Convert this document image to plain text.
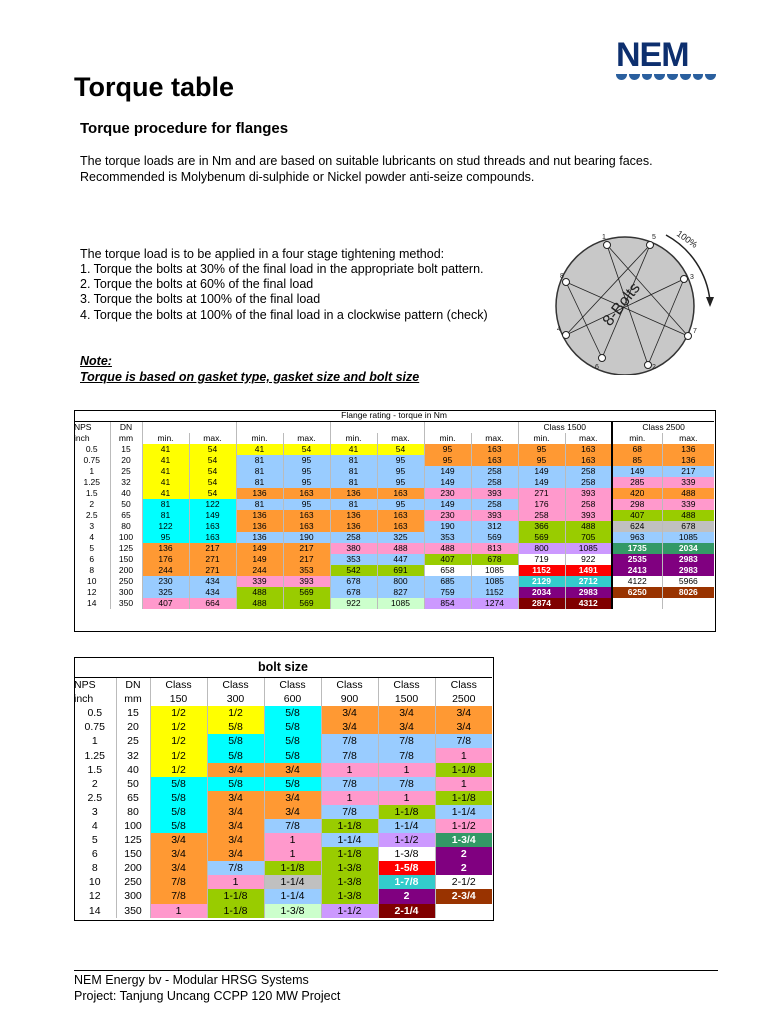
NEM
Torque table
Torque procedure for flanges
The torque loads are in Nm and are based on suitable lubricants on stud threads and nut bearing faces.
Recommended is Molybenum di-sulphide or Nickel powder anti-seize compounds.
The torque load is to be applied in a four stage tightening method:
1. Torque the bolts at 30% of the final load in the appropriate bolt pattern.
2. Torque the bolts at 60% of the final load
3. Torque the bolts at 100% of the final load
4. Torque the bolts at 100% of the final load in a clockwise pattern (check)
1	5
3
7
2
6
4
8
8-Bolts
100%
Note:
Torque is based on gasket type, gasket size and bolt size
Flange rating - torque in Nm													
NPS	DN									Class 1500		Class 2500	
inch	mm	min.	max.	min.	max.	min.	max.	min.	max.	min.	max.	min.	max.
0.5	15	41	54	41	54	41	54	95	163	95	163	68	136
0.75	20	41	54	81	95	81	95	95	163	95	163	85	136
1	25	41	54	81	95	81	95	149	258	149	258	149	217
1.25	32	41	54	81	95	81	95	149	258	149	258	285	339
1.5	40	41	54	136	163	136	163	230	393	271	393	420	488
2	50	81	122	81	95	81	95	149	258	176	258	298	339
2.5	65	81	149	136	163	136	163	230	393	258	393	407	488
3	80	122	163	136	163	136	163	190	312	366	488	624	678
4	100	95	163	136	190	258	325	353	569	569	705	963	1085
5	125	136	217	149	217	380	488	488	813	800	1085	1735	2034
6	150	176	271	149	217	353	447	407	678	719	922	2535	2983
8	200	244	271	244	353	542	691	658	1085	1152	1491	2413	2983
10	250	230	434	339	393	678	800	685	1085	2129	2712	4122	5966
12	300	325	434	488	569	678	827	759	1152	2034	2983	6250	8026
14	350	407	664	488	569	922	1085	854	1274	2874	4312		
bolt size							
NPS	DN	Class	Class	Class	Class	Class	Class
inch	mm	150	300	600	900	1500	2500
0.5	15	1/2	1/2	5/8	3/4	3/4	3/4
0.75	20	1/2	5/8	5/8	3/4	3/4	3/4
1	25	1/2	5/8	5/8	7/8	7/8	7/8
1.25	32	1/2	5/8	5/8	7/8	7/8	1
1.5	40	1/2	3/4	3/4	1	1	1-1/8
2	50	5/8	5/8	5/8	7/8	7/8	1
2.5	65	5/8	3/4	3/4	1	1	1-1/8
3	80	5/8	3/4	3/4	7/8	1-1/8	1-1/4
4	100	5/8	3/4	7/8	1-1/8	1-1/4	1-1/2
5	125	3/4	3/4	1	1-1/4	1-1/2	1-3/4
6	150	3/4	3/4	1	1-1/8	1-3/8	2
8	200	3/4	7/8	1-1/8	1-3/8	1-5/8	2
10	250	7/8	1	1-1/4	1-3/8	1-7/8	2-1/2
12	300	7/8	1-1/8	1-1/4	1-3/8	2	2-3/4
14	350	1	1-1/8	1-3/8	1-1/2	2-1/4	
NEM Energy bv - Modular HRSG Systems
Project: Tanjung Uncang CCPP 120 MW Project
